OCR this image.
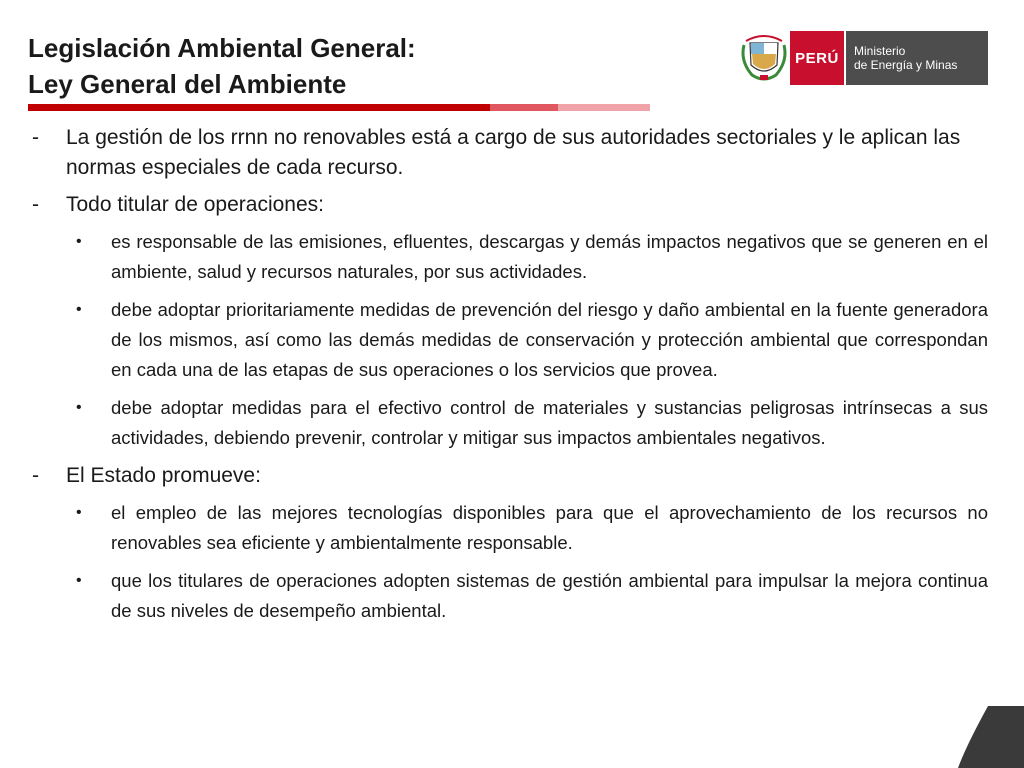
Legislación Ambiental General:
Ley General del Ambiente
PERÚ	Ministerio
de Energía y Minas
- La gestión de los rrnn no renovables está a cargo de sus autoridades sectoriales y le aplican las normas especiales de cada recurso.
- Todo titular de operaciones:
• es responsable de las emisiones, efluentes, descargas y demás impactos negativos que se generen en el ambiente, salud y recursos naturales, por sus actividades.
• debe adoptar prioritariamente medidas de prevención del riesgo y daño ambiental en la fuente generadora de los mismos, así como las demás medidas de conservación y protección ambiental que correspondan en cada una de las etapas de sus operaciones o los servicios que provea.
• debe adoptar medidas para el efectivo control de materiales y sustancias peligrosas intrínsecas a sus actividades, debiendo prevenir, controlar y mitigar sus impactos ambientales negativos.
- El Estado promueve:
• el empleo de las mejores tecnologías disponibles para que el aprovechamiento de los recursos no renovables sea eficiente y ambientalmente responsable.
• que los titulares de operaciones adopten sistemas de gestión ambiental para impulsar la mejora continua de sus niveles de desempeño ambiental.
